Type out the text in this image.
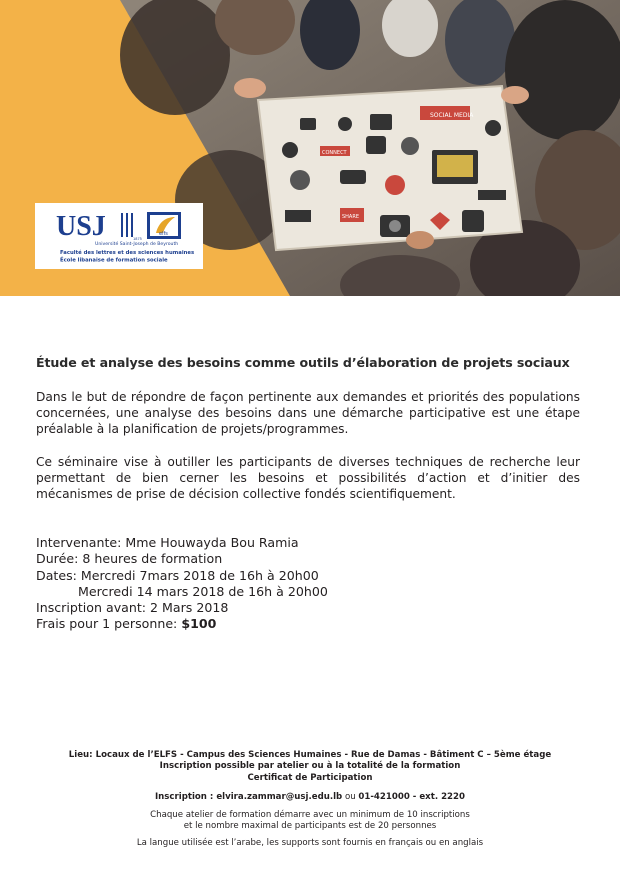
SOCIAL MEDIA
CONNECT
SHARE
USJ	elfs
1875
Université Saint-Joseph de Beyrouth
Faculté des lettres et des sciences humaines
École libanaise de formation sociale
Étude et analyse des besoins comme outils d’élaboration de projets sociaux

Dans le but de répondre de façon pertinente aux demandes et priorités des populations concernées, une analyse des besoins dans une démarche participative est une étape préalable à la planification de projets/programmes.

Ce séminaire vise à outiller les participants de diverses techniques de recherche leur permettant de bien cerner les besoins et possibilités d’action et d’initier des mécanismes de prise de décision collective fondés scientifiquement.

Intervenante: Mme Houwayda Bou Ramia
Durée: 8 heures de formation
Dates: Mercredi 7mars 2018 de 16h à 20h00
Mercredi 14 mars 2018 de 16h à 20h00
Inscription avant: 2 Mars 2018
Frais pour 1 personne: $100
Lieu: Locaux de l’ELFS - Campus des Sciences Humaines - Rue de Damas - Bâtiment C – 5ème étage
Inscription possible par atelier ou à la totalité de la formation
Certificat de Participation
Inscription : elvira.zammar@usj.edu.lb ou 01-421000 - ext. 2220
Chaque atelier de formation démarre avec un minimum de 10 inscriptions
et le nombre maximal de participants est de 20 personnes
La langue utilisée est l’arabe, les supports sont fournis en français ou en anglais
